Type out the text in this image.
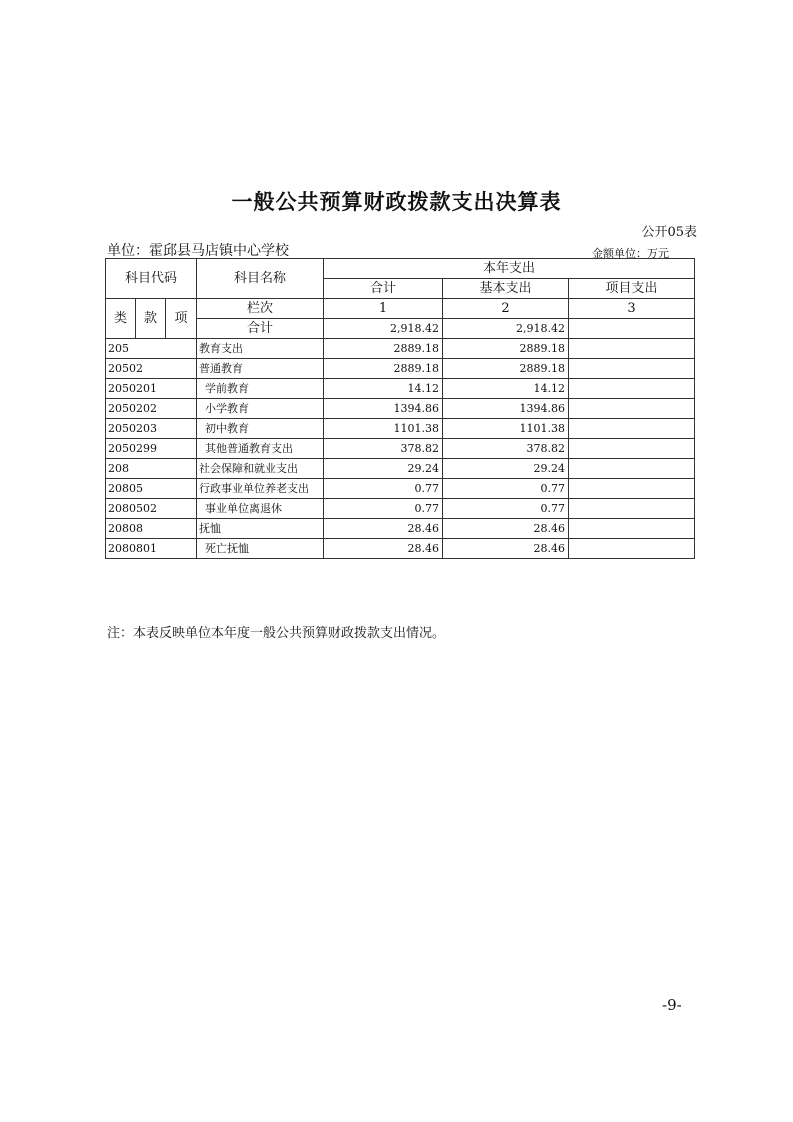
一般公共预算财政拨款支出决算表
公开05表
单位：霍邱县马店镇中心学校	金额单位：万元
科目代码			科目名称	本年支出		
				合计	基本支出	项目支出
类	款	项	栏次	1	2	3
			合计	2,918.42	2,918.42	
205			教育支出	2889.18	2889.18	
20502			普通教育	2889.18	2889.18	
2050201			学前教育	14.12	14.12	
2050202			小学教育	1394.86	1394.86	
2050203			初中教育	1101.38	1101.38	
2050299			其他普通教育支出	378.82	378.82	
208			社会保障和就业支出	29.24	29.24	
20805			行政事业单位养老支出	0.77	0.77	
2080502			事业单位离退休	0.77	0.77	
20808			抚恤	28.46	28.46	
2080801			死亡抚恤	28.46	28.46	
注：本表反映单位本年度一般公共预算财政拨款支出情况。
-9-
